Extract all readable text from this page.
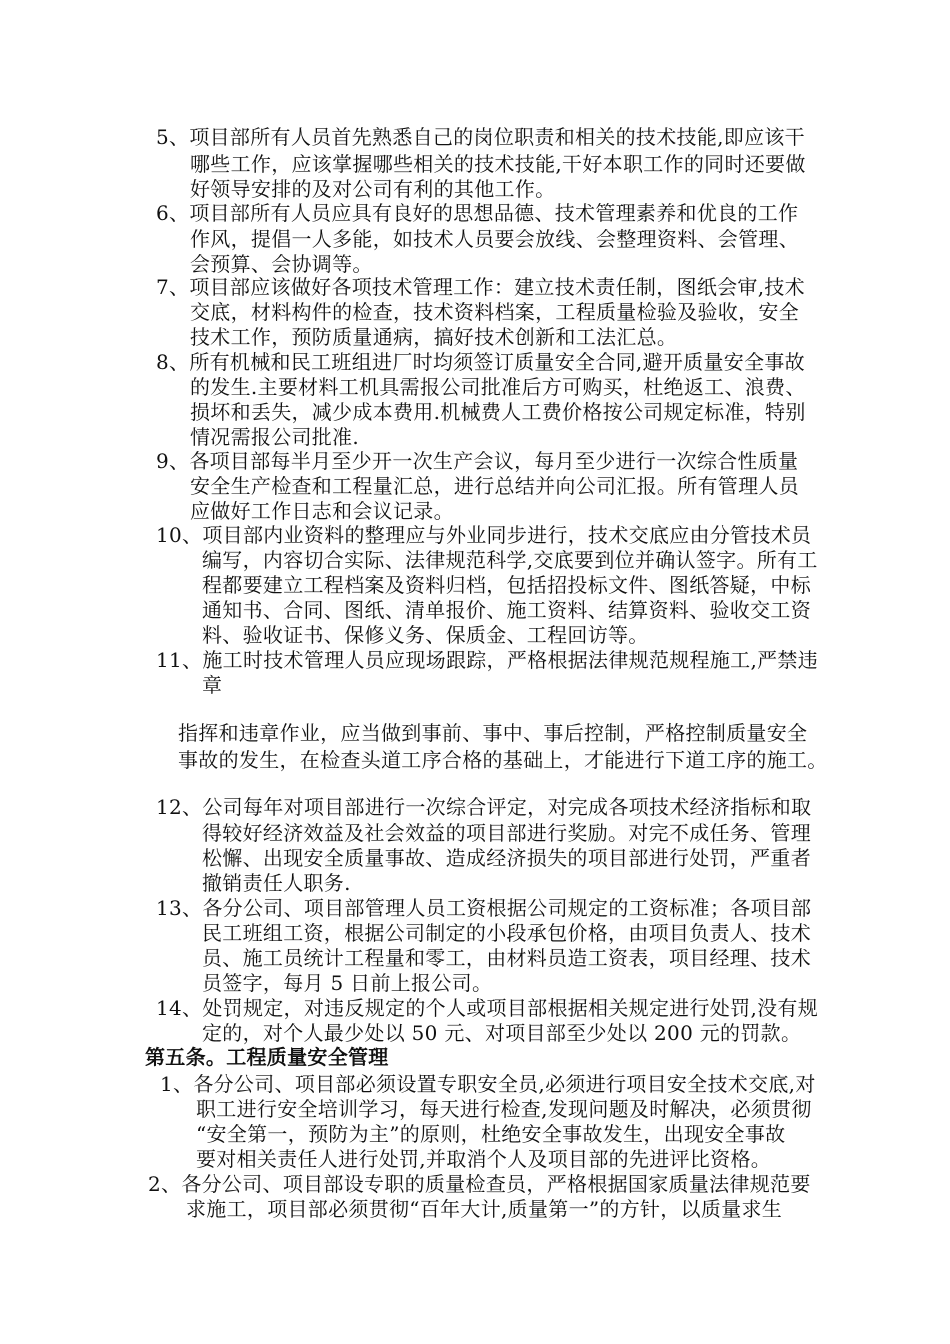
5、项目部所有人员首先熟悉自己的岗位职责和相关的技术技能,即应该干
哪些工作，应该掌握哪些相关的技术技能,干好本职工作的同时还要做
好领导安排的及对公司有利的其他工作。
6、项目部所有人员应具有良好的思想品德、技术管理素养和优良的工作
作风，提倡一人多能，如技术人员要会放线、会整理资料、会管理、
会预算、会协调等。
7、项目部应该做好各项技术管理工作：建立技术责任制，图纸会审,技术
交底，材料构件的检查，技术资料档案，工程质量检验及验收，安全
技术工作，预防质量通病，搞好技术创新和工法汇总。
8、所有机械和民工班组进厂时均须签订质量安全合同,避开质量安全事故
的发生.主要材料工机具需报公司批准后方可购买，杜绝返工、浪费、
损坏和丢失，减少成本费用.机械费人工费价格按公司规定标准，特别
情况需报公司批准.
9、各项目部每半月至少开一次生产会议，每月至少进行一次综合性质量
安全生产检查和工程量汇总，进行总结并向公司汇报。所有管理人员
应做好工作日志和会议记录。
10、项目部内业资料的整理应与外业同步进行，技术交底应由分管技术员
编写，内容切合实际、法律规范科学,交底要到位并确认签字。所有工
程都要建立工程档案及资料归档，包括招投标文件、图纸答疑，中标
通知书、合同、图纸、清单报价、施工资料、结算资料、验收交工资
料、验收证书、保修义务、保质金、工程回访等。
11、施工时技术管理人员应现场跟踪，严格根据法律规范规程施工,严禁违
章
指挥和违章作业，应当做到事前、事中、事后控制，严格控制质量安全
事故的发生，在检查头道工序合格的基础上，才能进行下道工序的施工。
12、公司每年对项目部进行一次综合评定，对完成各项技术经济指标和取
得较好经济效益及社会效益的项目部进行奖励。对完不成任务、管理
松懈、出现安全质量事故、造成经济损失的项目部进行处罚，严重者
撤销责任人职务.
13、各分公司、项目部管理人员工资根据公司规定的工资标准；各项目部
民工班组工资，根据公司制定的小段承包价格，由项目负责人、技术
员、施工员统计工程量和零工，由材料员造工资表，项目经理、技术
员签字，每月 5 日前上报公司。
14、处罚规定，对违反规定的个人或项目部根据相关规定进行处罚,没有规
定的，对个人最少处以 50 元、对项目部至少处以 200 元的罚款。
第五条。工程质量安全管理
1、各分公司、项目部必须设置专职安全员,必须进行项目安全技术交底,对
职工进行安全培训学习，每天进行检查,发现问题及时解决，必须贯彻
“安全第一，预防为主”的原则，杜绝安全事故发生，出现安全事故
要对相关责任人进行处罚,并取消个人及项目部的先进评比资格。
2、各分公司、项目部设专职的质量检查员，严格根据国家质量法律规范要
求施工，项目部必须贯彻“百年大计,质量第一”的方针，以质量求生
